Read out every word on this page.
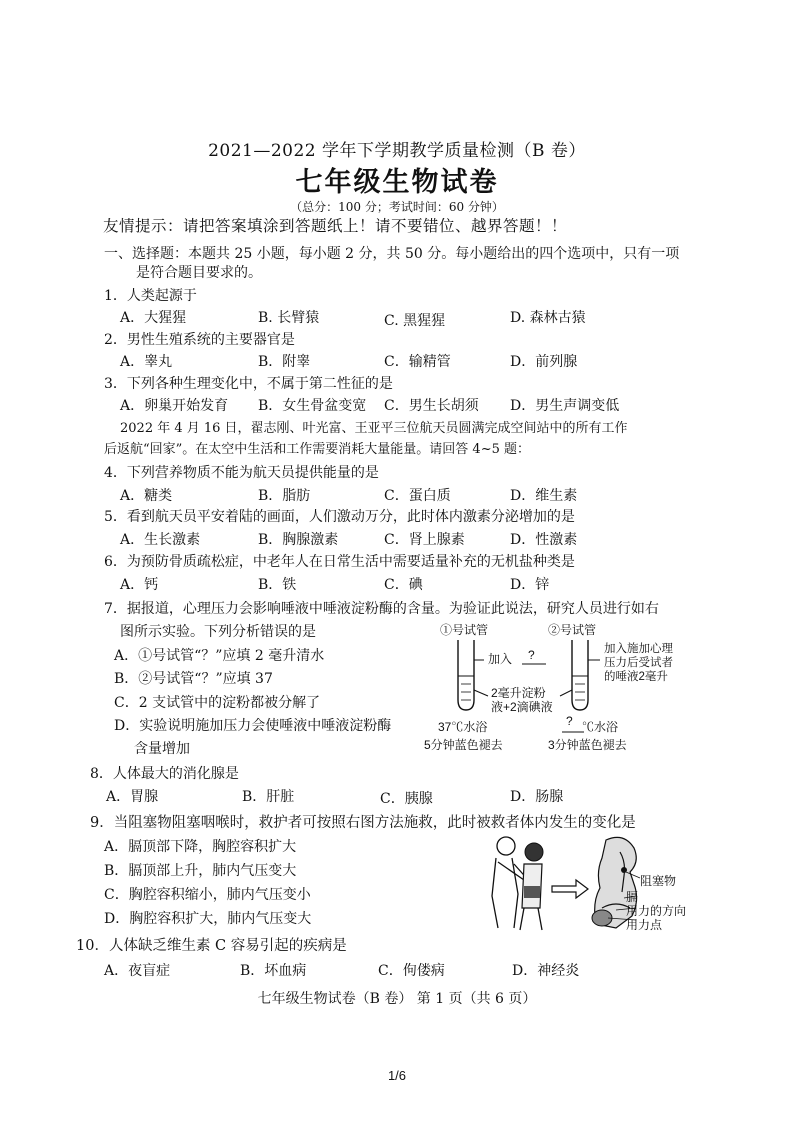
2021—2022 学年下学期教学质量检测（B 卷）
七年级生物试卷
（总分：100 分；考试时间：60 分钟）
友情提示：请把答案填涂到答题纸上！请不要错位、越界答题！！
一、选择题：本题共 25 小题，每小题 2 分，共 50 分。每小题给出的四个选项中，只有一项
是符合题目要求的。
1．人类起源于
A．大猩猩	B. 长臂猿	C. 黑猩猩	D. 森林古猿
2．男性生殖系统的主要器官是
A．睾丸	B．附睾	C．输精管	D．前列腺
3．下列各种生理变化中，不属于第二性征的是
A．卵巢开始发育 B．女生骨盆变宽 C．男生长胡须 D．男生声调变低
2022 年 4 月 16 日，翟志刚、叶光富、王亚平三位航天员圆满完成空间站中的所有工作
后返航“回家”。在太空中生活和工作需要消耗大量能量。请回答 4~5 题：
4．下列营养物质不能为航天员提供能量的是
A．糖类	B．脂肪	C．蛋白质	D．维生素
5．看到航天员平安着陆的画面，人们激动万分，此时体内激素分泌增加的是
A．生长激素	B．胸腺激素	C．肾上腺素	D．性激素
6．为预防骨质疏松症，中老年人在日常生活中需要适量补充的无机盐种类是
A．钙	B．铁	C．碘	D．锌
7．据报道，心理压力会影响唾液中唾液淀粉酶的含量。为验证此说法，研究人员进行如右
图所示实验。下列分析错误的是
A．①号试管“？”应填 2 毫升清水
B．②号试管“？”应填 37
C．2 支试管中的淀粉都被分解了
D．实验说明施加压力会使唾液中唾液淀粉酶
含量增加
①号试管	②号试管
加入 ?
2毫升淀粉
液+2滴碘液
加入施加心理
压力后受试者
的唾液2毫升
37℃水浴
5分钟蓝色褪去
? ℃水浴
3分钟蓝色褪去
8．人体最大的消化腺是
A．胃腺	B．肝脏	C．胰腺	D．肠腺
9．当阻塞物阻塞咽喉时，救护者可按照右图方法施救，此时被救者体内发生的变化是
A．膈顶部下降，胸腔容积扩大
B．膈顶部上升，肺内气压变大
C．胸腔容积缩小，肺内气压变小
D．胸腔容积扩大，肺内气压变大
阻塞物
膈
用力的方向
用力点
10．人体缺乏维生素 C 容易引起的疾病是
A．夜盲症	B．坏血病	C．佝偻病	D．神经炎
七年级生物试卷（B 卷） 第 1 页（共 6 页）
1/6
